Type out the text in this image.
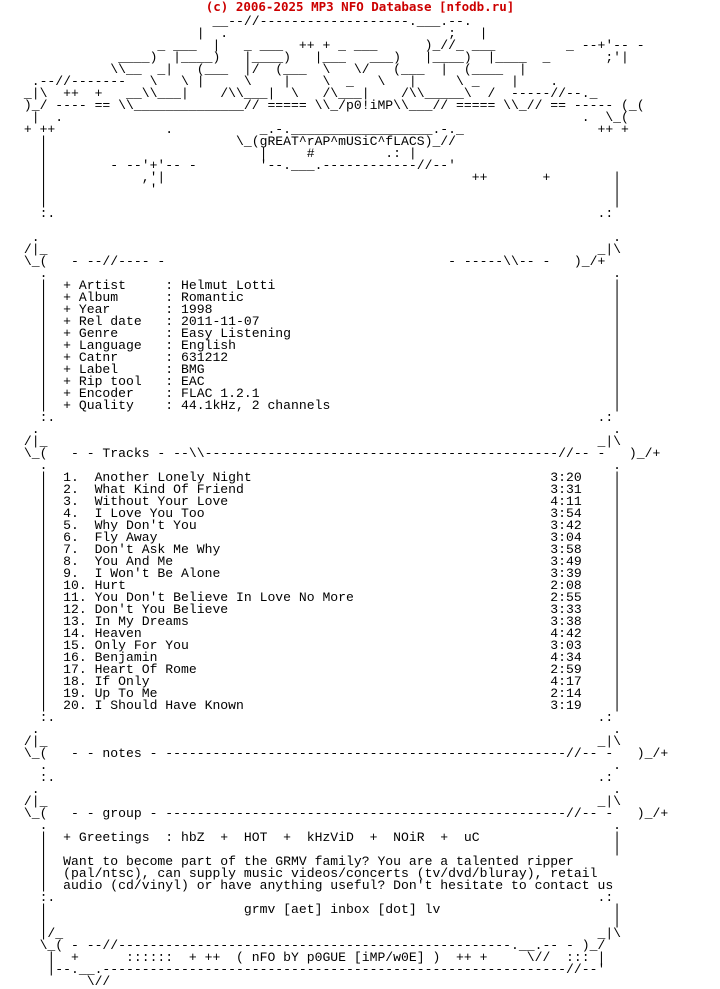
(c) 2006-2025 MP3 NFO Database [nfodb.ru]
__--//-------------------.___.--.
|  .                            ;   |
_ ___  |   _ ___  ++ + _ ___      )_//_ ___         _ --+'-- -
____)  |____)   |____)   |___   ___)   |____)  |____  _       ;'|
\\__  _|   (___  |/  (___  \   \/   (___  |  (____  |
.--//-------   \   \ |     \    |    \  _   \   |     \ _    |    .
_|\  ++  +   __\\___|    /\\___|  \   /\___|    /\\_____\  /  -----//--._
)_/ ---- == \\______________// ===== \\_/p0!iMP\\___// ===== \\_// == ----- (_(
|  .                                                                  .  \_(
+ ++              .           _.-.__________________.-._                 ++ +
|                        \_(gREAT^rAP^mUSiC^fLACS)_//
|                           |     #         .: |
|        - --'+'-- -        '--.___.------------//--'
|            ,'|                                       ++       +        |
|             '                                                          |
|                                                                        |
:.                                                                     .:

.                                                                         .
/|_                                                                      _|\
\_(   - --//---- -                                    - -----\\-- -   )_/+
.                                                                        .
|  + Artist     : Helmut Lotti                                           |
|  + Album      : Romantic                                               |
|  + Year       : 1998                                                   |
|  + Rel date   : 2011-11-07                                             |
|  + Genre      : Easy Listening                                         |
|  + Language   : English                                                |
|  + Catnr      : 631212                                                 |
|  + Label      : BMG                                                    |
|  + Rip tool   : EAC                                                    |
|  + Encoder    : FLAC 1.2.1                                             |
|  + Quality    : 44.1kHz, 2 channels                                    |
:.                                                                     .:
.                                                                         .
/|_                                                                      _|\
\_(   - - Tracks - --\\---------------------------------------------//-- -   )_/+
.                                                                        .
|  1.  Another Lonely Night                                      3:20    |
|  2.  What Kind Of Friend                                       3:31    |
|  3.  Without Your Love                                         4:11    |
|  4.  I Love You Too                                            3:54    |
|  5.  Why Don't You                                             3:42    |
|  6.  Fly Away                                                  3:04    |
|  7.  Don't Ask Me Why                                          3:58    |
|  8.  You And Me                                                3:49    |
|  9.  I Won't Be Alone                                          3:39    |
|  10. Hurt                                                      2:08    |
|  11. You Don't Believe In Love No More                         2:55    |
|  12. Don't You Believe                                         3:33    |
|  13. In My Dreams                                              3:38    |
|  14. Heaven                                                    4:42    |
|  15. Only For You                                              3:03    |
|  16. Benjamin                                                  4:34    |
|  17. Heart Of Rome                                             2:59    |
|  18. If Only                                                   4:17    |
|  19. Up To Me                                                  2:14    |
|  20. I Should Have Known                                       3:19    |
:.                                                                     .:
.                                                                         .
/|_                                                                      _|\
\_(   - - notes - ---------------------------------------------------//-- -   )_/+
.                                                                        .
:.                                                                     .:
.                                                                         .
/|_                                                                      _|\
\_(   - - group - ---------------------------------------------------//-- -   )_/+
.                                                                        .
|  + Greetings  : hbZ  +  HOT  +  kHzViD  +  NOiR  +  uC                 |
|                                                                        |
|  Want to become part of the GRMV family? You are a talented ripper
|  (pal/ntsc), can supply music videos/concerts (tv/dvd/bluray), retail
|  audio (cd/vinyl) or have anything useful? Don't hesitate to contact us
:.                                                                     .:
|                         grmv [aet] inbox [dot] lv                      |
|                                                                        |
|/_                                                                    _|\
\_( - --//--------------------------------------------------.__.-- - )_/
|  +      ::::::  + ++  ( nFO bY p0GUE [iMP/w0E] )  ++ +     \//  ::: |
|--.__.-----------------------------------------------------------//--'
\//
